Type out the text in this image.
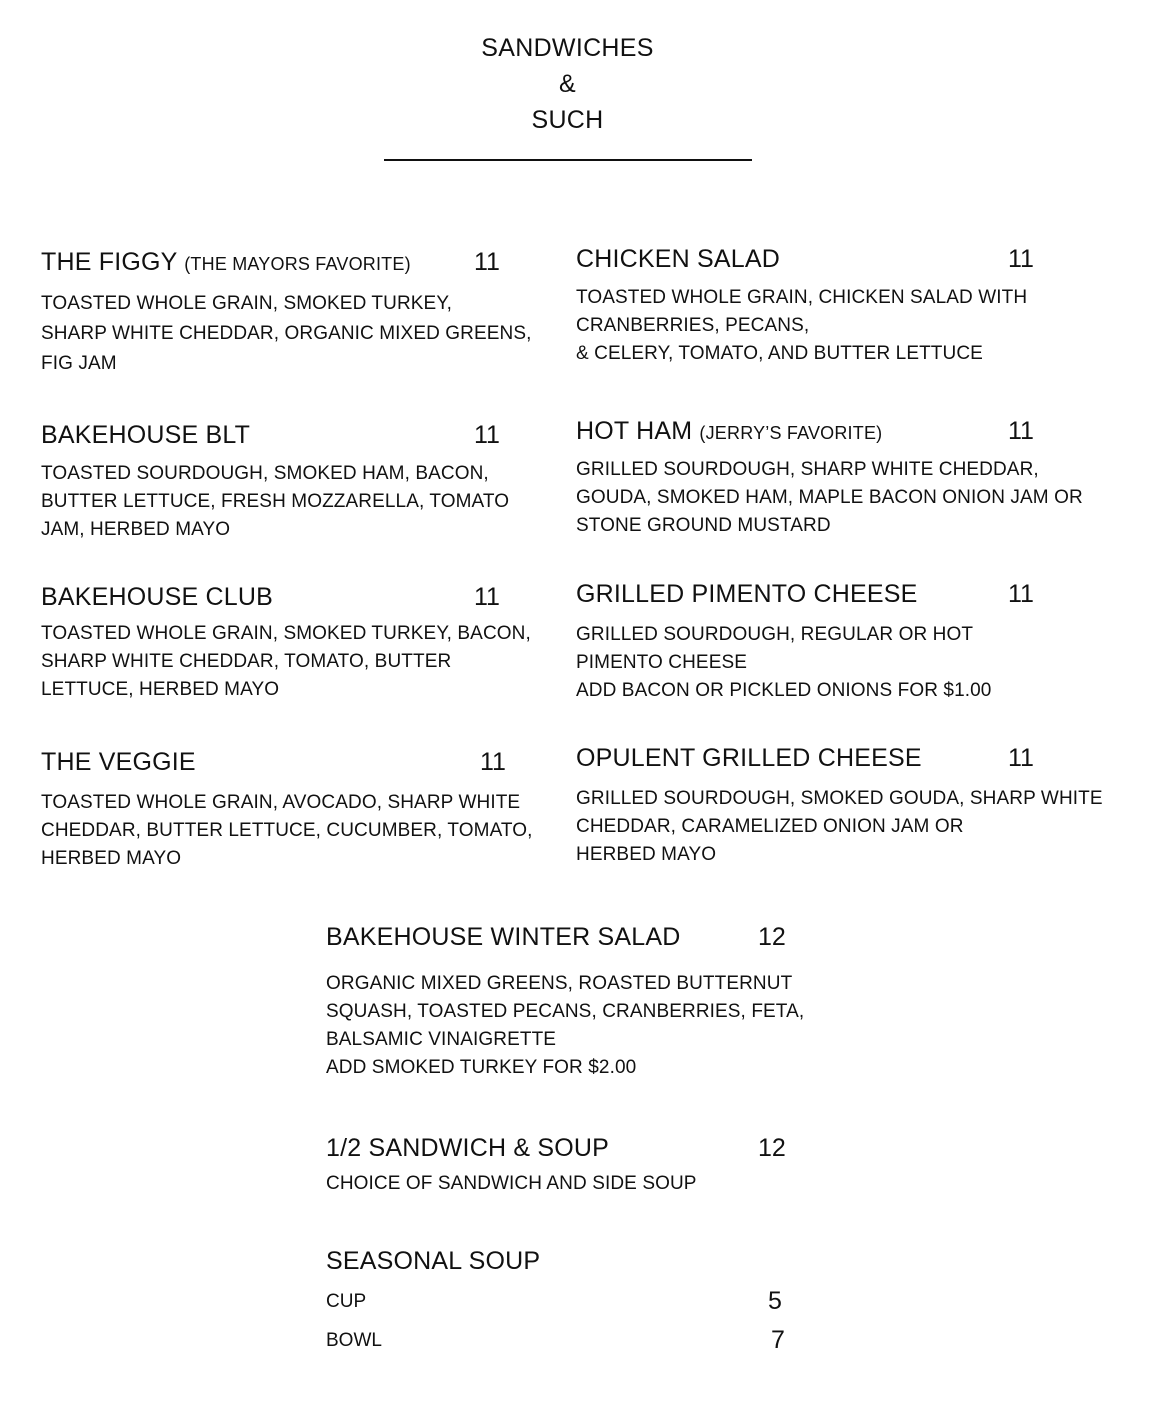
SANDWICHES
&
SUCH
THE FIGGY (THE MAYORS FAVORITE)	11
TOASTED WHOLE GRAIN, SMOKED TURKEY,
SHARP WHITE CHEDDAR, ORGANIC MIXED GREENS,
FIG JAM
CHICKEN SALAD	11
TOASTED WHOLE GRAIN, CHICKEN SALAD WITH
CRANBERRIES, PECANS,
& CELERY, TOMATO, AND BUTTER LETTUCE
BAKEHOUSE BLT	11
TOASTED SOURDOUGH, SMOKED HAM, BACON,
BUTTER LETTUCE, FRESH MOZZARELLA, TOMATO
JAM, HERBED MAYO
HOT HAM (JERRY’S FAVORITE)	11
GRILLED SOURDOUGH, SHARP WHITE CHEDDAR,
GOUDA, SMOKED HAM, MAPLE BACON ONION JAM OR
STONE GROUND MUSTARD
BAKEHOUSE CLUB	11
TOASTED WHOLE GRAIN, SMOKED TURKEY, BACON,
SHARP WHITE CHEDDAR, TOMATO, BUTTER
LETTUCE, HERBED MAYO
GRILLED PIMENTO CHEESE	11
GRILLED SOURDOUGH, REGULAR OR HOT
PIMENTO CHEESE
ADD BACON OR PICKLED ONIONS FOR $1.00
THE VEGGIE	11
TOASTED WHOLE GRAIN, AVOCADO, SHARP WHITE
CHEDDAR, BUTTER LETTUCE, CUCUMBER, TOMATO,
HERBED MAYO
OPULENT GRILLED CHEESE	11
GRILLED SOURDOUGH, SMOKED GOUDA, SHARP WHITE
CHEDDAR, CARAMELIZED ONION JAM OR
HERBED MAYO
BAKEHOUSE WINTER SALAD	12
ORGANIC MIXED GREENS, ROASTED BUTTERNUT
SQUASH, TOASTED PECANS, CRANBERRIES, FETA,
BALSAMIC VINAIGRETTE
ADD SMOKED TURKEY FOR $2.00
1/2 SANDWICH & SOUP	12
CHOICE OF SANDWICH AND SIDE SOUP
SEASONAL SOUP
CUP	5
BOWL	7
